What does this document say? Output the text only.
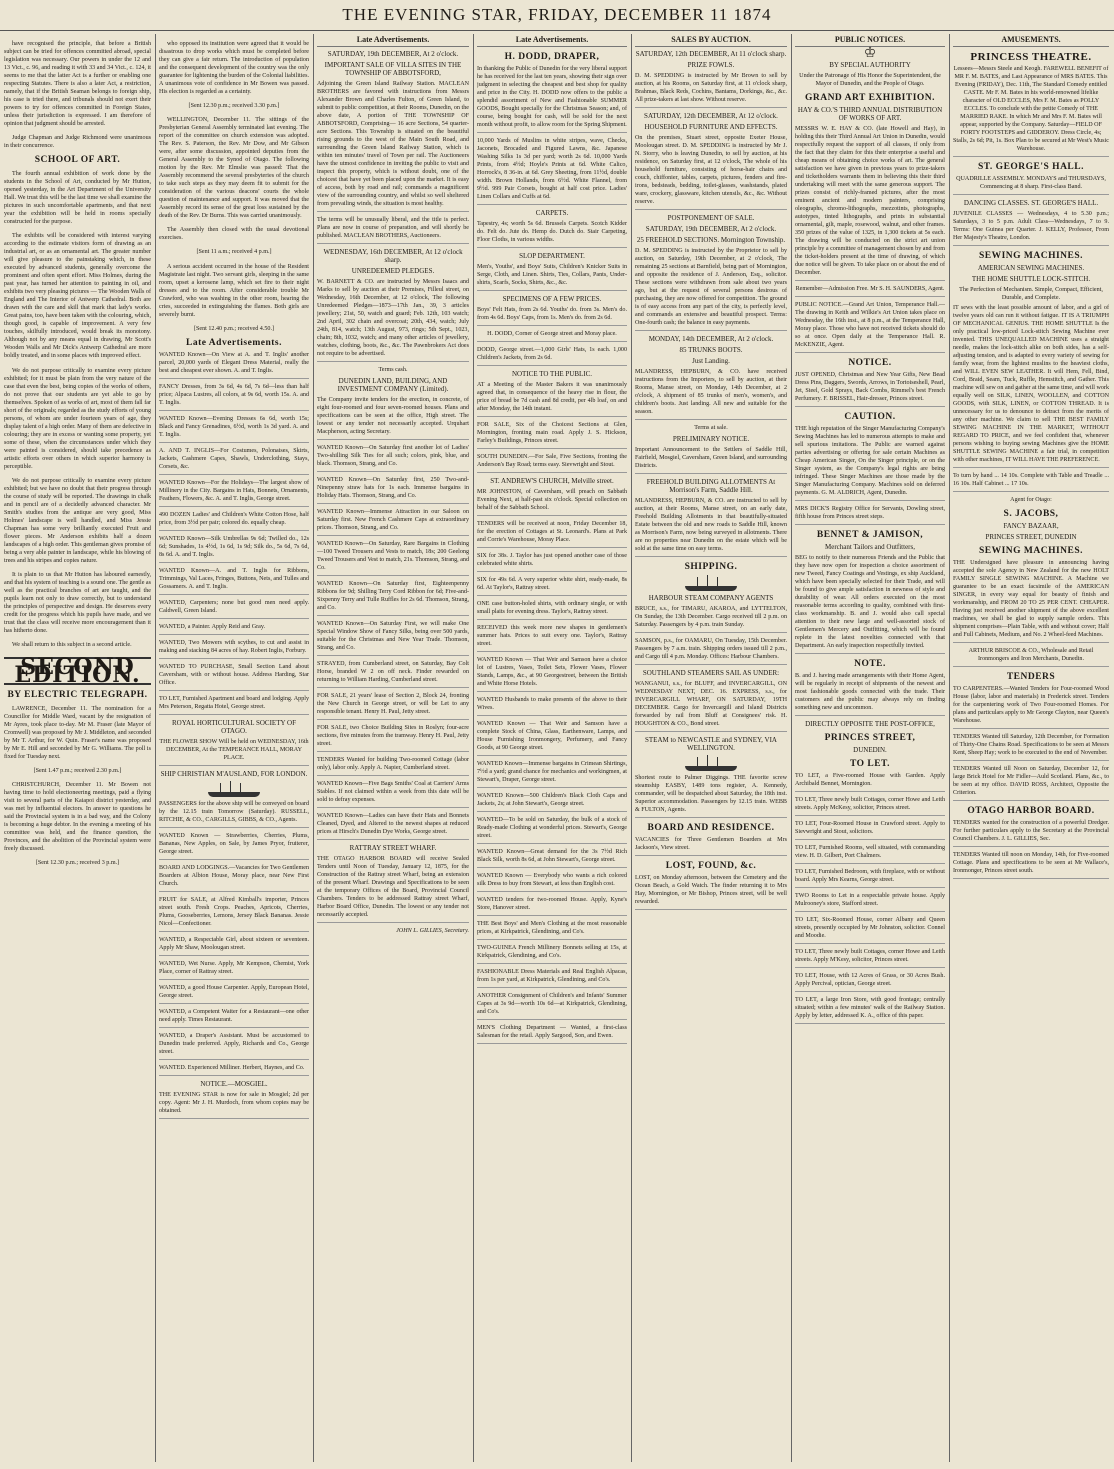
THE EVENING STAR, FRIDAY, DECEMBER 11 1874

have recognised the principle, that before a British subject can be tried for offences committed abroad, special legislation was necessary. Our powers in under the 12 and 13 Vict., c. 96, and reading it with 33 and 34 Vict., c. 124, it seems to me that the latter Act is a further or enabling one respecting Statutes. There is also a later Act, a restriction, namely, that if the British Seaman belongs to foreign ship, his case is tried there, and tribunals should not exert their powers to try for offences committed in Foreign States, unless their jurisdiction is expressed. I am therefore of opinion that judgment should be arrested.

Judge Chapman and Judge Richmond were unanimous in their concurrence.

SCHOOL OF ART.

The fourth annual exhibition of work done by the students in the School of Art, conducted by Mr Hutton, opened yesterday, in the Art Department of the University Hall. We trust this will be the last time we shall examine the pictures in such uncomfortable apartments, and that next year the exhibition will be held in rooms specially constructed for the purpose.

The exhibits will be considered with interest varying according to the estimate visitors form of drawing as an industrial art, or as an ornamental art. The greater number will give pleasure to the painstaking which, in these executed by advanced students, generally overcome the prominent and often spent effort. Miss Holmes, during the past year, has turned her attention to painting in oil, and exhibits two very pleasing pictures — The Wooden Walls of England and The Interior of Antwerp Cathedral. Both are drawn with the care and skill that mark that lady's works. Great pains, too, have been taken with the colouring, which, though good, is capable of improvement. A very few touches, skilfully introduced, would break its monotony. Although not by any means equal in drawing, Mr Scott's Wooden Walls and Mr Dick's Antwerp Cathedral are more boldly treated, and in some places with improved effect.

We do not purpose critically to examine every picture exhibited; for it must be plain from the very nature of the case that even the best, being copies of the works of others, do not prove that our students are yet able to go by themselves. Spoken of as works of art, most of them fall far short of the originals; regarded as the study efforts of young persons, of whom are under fourteen years of age, they display talent of a high order. Many of them are defective in colouring; they are in excess or wanting some property, yet some of these, when the circumstances under which they were painted is considered, should take precedence as artistic efforts over others in which superior harmony is perceptible.

We do not purpose critically to examine every picture exhibited; but we have no doubt that their progress through the course of study will be reported. The drawings in chalk and in pencil are of a decidedly advanced character. Mr Smith's studies from the antique are very good, Miss Holmes' landscape is well handled, and Miss Jessie Chapman has some very brilliantly executed Fruit and flower pieces. Mr Anderson exhibits half a dozen landscapes of a high order. This gentleman gives promise of being a very able painter in landscape, while his blowing of trees and his stripes and copies nature.

It is plain to us that Mr Hutton has laboured earnestly, and that his system of teaching is a sound one. The gentle as well as the practical branches of art are taught, and the pupils learn not only to draw correctly, but to understand the principles of perspective and design. He deserves every credit for the progress which his pupils have made, and we trust that the class will receive more encouragement than it has hitherto done.

We shall return to this subject in a second article.

SECOND EDITION.
BY ELECTRIC TELEGRAPH.

LAWRENCE, December 11. The nomination for a Councillor for Middle Ward, vacant by the resignation of Mr Ayres, took place to-day. Mr M. Fraser (late Mayor of Cromwell) was proposed by Mr J. Middleton, and seconded by Mr T. Arthur, for W. Quin. Fraser's name was proposed by Mr E. Hill and seconded by Mr G. Williams. The poll is fixed for Tuesday next.

[Sent 1.47 p.m.; received 2.30 p.m.]

CHRISTCHURCH, December 11. Mr Bowen not having time to hold electioneering meetings, paid a flying visit to several parts of the Kaiapoi district yesterday, and was met by influential electors. In answer to questions he said the Provincial system is in a bad way, and the Colony is becoming a huge debtor. In the evening a meeting of his committee was held, and the finance question, the Provinces, and the abolition of the Provincial system were freely discussed.

[Sent 12.30 p.m.; received 3 p.m.]

who opposed its institution were agreed that it would be disastrous to drop works which must be completed before they can give a fair return. The introduction of population and the consequent development of the country was the only guarantee for lightening the burden of the Colonial liabilities. A unanimous vote of confidence in Mr Bowen was passed. His election is regarded as a certainty.

[Sent 12.30 p.m.; received 3.30 p.m.]

WELLINGTON, December 11. The sittings of the Presbyterian General Assembly terminated last evening. The report of the committee on church extension was adopted. The Rev. S. Paterson, the Rev. Mr Dow, and Mr Gibson were, after some discussion, appointed deputies from the General Assembly to the Synod of Otago. The following motion by the Rev. Mr Elmslie was passed: That the Assembly recommend the several presbyteries of the church to take such steps as they may deem fit to submit for the consideration of the various deacons' courts the whole question of maintenance and support. It was moved that the Assembly record its sense of the great loss sustained by the death of the Rev. Dr Burns. This was carried unanimously.

The Assembly then closed with the usual devotional exercises.

[Sent 11 a.m.; received 4 p.m.]

A serious accident occurred in the house of the Resident Magistrate last night. Two servant girls, sleeping in the same room, upset a kerosene lamp, which set fire to their night dresses and to the room. After considerable trouble Mr Crawford, who was washing in the other room, hearing the cries, succeeded in extinguishing the flames. Both girls are severely burnt.

[Sent 12.40 p.m.; received 4.50.]

Late Advertisements.
WANTED Known—On View at A. and T. Inglis' another parcel, 20,000 yards of Elegant Dress Material, really the best and cheapest ever shown. A. and T. Inglis.
FANCY Dresses, from 3s 6d, 4s 6d, 7s 6d—less than half price; Alpaca Lustres, all colors, at 9s 6d, worth 15s. A. and T. Inglis.
WANTED Known—Evening Dresses 6s 6d, worth 15s; Black and Fancy Grenadines, 6½d, worth 1s 3d yard. A. and T. Inglis.
A. AND T. INGLIS—For Costumes, Polonaises, Skirts, Jackets, Cashmere Capes, Shawls, Underclothing, Stays, Corsets, &c.
WANTED Known—For the Holidays—The largest show of Millinery in the City. Bargains in Hats, Bonnets, Ornaments, Feathers, Flowers, &c. A. and T. Inglis, George street.
490 DOZEN Ladies' and Children's White Cotton Hose, half price, from 3½d per pair; colored do. equally cheap.
WANTED Known—Silk Umbrellas 9s 6d; Twilled do., 12s 6d; Sunshades, 1s 4½d, 1s 6d, 1s 9d; Silk do., 5s 6d, 7s 6d, 8s 6d. A. and T. Inglis.
WANTED Known—A. and T. Inglis for Ribbons, Trimmings, Val Laces, Fringes, Buttons, Nets, and Tulles and Gossamers. A. and T. Inglis.
WANTED, Carpenters; none but good men need apply. Caldwell, Green Island.
WANTED, a Painter. Apply Reid and Gray.
WANTED, Two Mowers with scythes, to cut and assist in making and stacking 84 acres of hay. Robert Inglis, Forbury.
WANTED TO PURCHASE, Small Section Land about Caversham, with or without house. Address Harding, Star Office.
TO LET, Furnished Apartment and board and lodging. Apply Mrs Peterson, Regatta Hotel, George street.
ROYAL HORTICULTURAL SOCIETY OF OTAGO.
THE FLOWER SHOW Will be held on WEDNESDAY, 16th DECEMBER, At the TEMPERANCE HALL, MORAY PLACE.
SHIP CHRISTIAN M'AUSLAND, FOR LONDON.
PASSENGERS for the above ship will be conveyed on board by the 12.15 train Tomorrow (Saturday). RUSSELL, RITCHIE, & CO., CARGILLS, GIBBS, & CO., Agents.
WANTED Known — Strawberries, Cherries, Plums, Bananas, New Apples, on Sale, by James Pryor, fruiterer, George street.
BOARD AND LODGINGS.—Vacancies for Two Gentlemen Boarders at Albion House, Moray place, near New First Church.
FRUIT for SALE, at Alfred Kimball's importer, Princes street south. Fresh Crops. Peaches, Apricots, Cherries, Plums, Gooseberries, Lemons, Jersey Black Bananas. Jessie Nicol—Confectioner.
WANTED, a Respectable Girl, about sixteen or seventeen. Apply Mr Shaw, Moolougan street.
WANTED, Wet Nurse. Apply, Mr Kempson, Chemist, York Place, corner of Rattray street.
WANTED, a good House Carpenter. Apply, European Hotel, George street.
WANTED, a Competent Waiter for a Restaurant—one other need apply. Times Restaurant.
WANTED, a Draper's Assistant. Must be accustomed to Dunedin trade preferred. Apply, Richards and Co., George street.
WANTED. Experienced Milliner. Herbert, Haynes, and Co.
NOTICE.—MOSGIEL.
THE EVENING STAR is now for sale in Mosgiel; 2d per copy. Agent: Mr J. H. Murdoch, from whom copies may be obtained.
Late Advertisements.
SATURDAY, 19th DECEMBER, At 2 o'clock.
IMPORTANT SALE OF VILLA SITES IN THE TOWNSHIP OF ABBOTSFORD,
Adjoining the Green Island Railway Station. MACLEAN BROTHERS are favored with instructions from Messrs Alexander Brown and Charles Fulton, of Green Island, to submit to public competition, at their Rooms, Dunedin, on the above date, A portion of THE TOWNSHIP OF ABBOTSFORD, Comprising— 16 acre Sections, 54 quarter-acre Sections. This Township is situated on the beautiful rising grounds to the west of the Main South Road, and surrounding the Green Island Railway Station, which is within ten minutes' travel of Town per rail. The Auctioneers have the utmost confidence in inviting the public to visit and inspect this property, which is without doubt, one of the choicest that have yet been placed upon the market. It is easy of access, both by road and rail; commands a magnificent view of the surrounding country, and whilst so well sheltered from prevailing winds, the situation is most healthy.
The terms will be unusually liberal, and the title is perfect. Plans are now in course of preparation, and will shortly be published. MACLEAN BROTHERS, Auctioneers.
WEDNESDAY, 16th DECEMBER, At 12 o'clock sharp.
UNREDEEMED PLEDGES.
W. BARNETT & CO. are instructed by Messrs Isaacs and Marks to sell by auction at their Premises, Filleul street, on Wednesday, 16th December, at 12 o'clock, The following Unredeemed Pledges—1873—17th Jan., 39, 3 articles jewellery; 21st, 50, watch and guard; Feb. 12th, 103 watch; 2nd April, 302 chain and overcoat; 20th, 434, watch; July 24th, 814, watch; 13th August, 973, rings; 5th Sept., 1023, chain; 8th, 1032, watch; and many other articles of jewellery, watches, clothing, boots, &c., &c. The Pawnbrokers Act does not require to be advertised.
Terms cash.
DUNEDIN LAND, BUILDING, AND INVESTMENT COMPANY (Limited).
The Company invite tenders for the erection, in concrete, of eight four-roomed and four seven-roomed houses. Plans and specifications can be seen at the office, High street. The lowest or any tender not necessarily accepted. Urquhart Macpherson, acting Secretary.
WANTED Known—On Saturday first another lot of Ladies' Two-shilling Silk Ties for all such; colors, pink, blue, and black. Thomson, Strang, and Co.
WANTED Known—On Saturday first, 250 Two-and-Ninepenny straw hats for 1s each. Immense bargains in Holiday Hats. Thomson, Strang, and Co.
WANTED Known—Immense Attraction in our Saloon on Saturday first. New French Cashmere Caps at extraordinary prices. Thomson, Strang, and Co.
WANTED Known—On Saturday, Rare Bargains in Clothing—100 Tweed Trousers and Vests to match, 18s; 200 Geelong Tweed Trousers and Vest to match, 21s. Thomson, Strang, and Co.
WANTED Known—On Saturday first, Eighteenpenny Ribbons for 9d; Shilling Terry Cord Ribbon for 6d; Five-and-Sixpenny Terry and Tulle Ruffles for 2s 6d. Thomson, Strang, and Co.
WANTED Known—On Saturday First, we will make One Special Window Show of Fancy Silks, being over 500 yards, suitable for the Christmas and New Year Trade. Thomson, Strang, and Co.
STRAYED, from Cumberland street, on Saturday, Bay Colt Horse, branded W 2 on off neck. Finder rewarded on returning to William Harding, Cumberland street.
FOR SALE, 21 years' lease of Section 2, Block 24, fronting the New Church in George street, or will be Let to any responsible tenant. Henry H. Paul, Jetty street.
FOR SALE, two Choice Building Sites in Roslyn; four-acre sections, five minutes from the tramway. Henry H. Paul, Jetty street.
TENDERS Wanted for building Two-roomed Cottage (labor only), labor only. Apply A. Napier, Cumberland street.
WANTED Known—Five Bags Smiths' Coal at Carriers' Arms Stables. If not claimed within a week from this date will be sold to defray expenses.
WANTED Known—Ladies can have their Hats and Bonnets Cleaned, Dyed, and Altered to the newest shapes at reduced prices at Hirsch's Dunedin Dye Works, George street.
RATTRAY STREET WHARF.
THE OTAGO HARBOR BOARD will receive Sealed Tenders until Noon of Tuesday, January 12, 1875, for the Construction of the Rattray street Wharf, being an extension of the present Wharf. Drawings and Specifications to be seen at the temporary Offices of the Board, Provincial Council Chambers. Tenders to be addressed Rattray street Wharf, Harbor Board Office, Dunedin. The lowest or any tender not necessarily accepted.
JOHN L. GILLIES, Secretary.
Late Advertisements.
H. DODD, DRAPER,
In thanking the Public of Dunedin for the very liberal support he has received for the last ten years, showing their sign over judgment in selecting the cheapest and best shop for quality and price in the City. H. DODD now offers to the public a splendid assortment of New and Fashionable SUMMER GOODS, Bought specially for the Christmas Season; and, of course, being bought for cash, will be sold for the next month without profit, to allow room for the Spring Shipment.
10,000 Yards of Muslins in white stripes, wave, Checks, Jaconets, Brocaded and Figured Lawns, &c. Japanese Washing Silks 1s 3d per yard; worth 2s 6d. 10,000 Yards Prints, from 4½d; Hoyle's Prints at 6d. White Calico, Horrock's, 8 36-in. at 6d. Grey Sheeting, from 11½d, double width. Brown Hollands, from 6½d. White Flannel, from 9½d. 999 Pair Corsets, bought at half cost price. Ladies' Linen Collars and Cuffs at 6d.
CARPETS.
Tapestry, 4s; worth 5s 6d. Brussels Carpets. Scotch Kidder do. Felt do. Jute do. Hemp do. Dutch do. Stair Carpeting, Floor Cloths, in various widths.
SLOP DEPARTMENT.
Men's, Youths', and Boys' Suits, Children's Knicker Suits in Serge, Cloth, and Linen. Shirts, Ties, Collars, Pants, Under-shirts, Scarfs, Socks, Shirts, &c., &c.
SPECIMENS OF A FEW PRICES.
Boys' Felt Hats, from 2s 6d. Youths' do. from 3s. Men's do. from 4s 6d. Boys' Caps, from 1s. Men's do. from 2s 6d.
H. DODD, Corner of George street and Moray place.
DODD, George street.—1,000 Girls' Hats, 1s each. 1,000 Children's Jackets, from 2s 6d.
NOTICE TO THE PUBLIC.
AT a Meeting of the Master Bakers it was unanimously agreed that, in consequence of the heavy rise in flour, the price of bread be 7d cash and 8d credit, per 4lb loaf, on and after Monday, the 14th instant.
FOR SALE, Six of the Choicest Sections at Glen, Mornington, fronting main road. Apply J. S. Hickson, Farley's Buildings, Princes street.
SOUTH DUNEDIN.—For Sale, Five Sections, fronting the Anderson's Bay Road; terms easy. Sievwright and Stout.
ST. ANDREW'S CHURCH, Melville street.
MR JOHNSTON, of Caversham, will preach on Sabbath Evening Next, at half-past six o'clock. Special collection on behalf of the Sabbath School.
TENDERS will be received at noon, Friday December 18, for the erection of Cottages at St. Leonard's. Plans at Park and Corrie's Warehouse, Moray Place.
SIX for 38s. J. Taylor has just opened another case of those celebrated white shirts.
SIX for 49s 6d. A very superior white shirt, ready-made, 8s 6d. At Taylor's, Rattray street.
ONE case button-holed shirts, with ordinary single, or with small plaits for evening dress. Taylor's, Rattray street.
RECEIVED this week more new shapes in gentlemen's summer hats. Prices to suit every one. Taylor's, Rattray street.
WANTED Known — That Weir and Samson have a choice lot of Lustres, Vases, Toilet Sets, Flower Vases, Flower Stands, Lamps, &c., at 90 Georgestreet, between the British and White Horse Hotels.
WANTED Husbands to make presents of the above to their Wives.
WANTED Known — That Weir and Samson have a complete Stock of China, Glass, Earthenware, Lamps, and House Furnishing Ironmongery, Perfumery, and Fancy Goods, at 90 George street.
WANTED Known—Immense bargains in Crimean Shirtings, 7½d a yard; grand chance for mechanics and workingmen, at Stewart's, Draper, George street.
WANTED Known—500 Children's Black Cloth Caps and Jackets, 2s; at John Stewart's, George street.
WANTED—To be sold on Saturday, the bulk of a stock of Ready-made Clothing at wonderful prices. Stewart's, George street.
WANTED Known—Great demand for the 3s 7½d Rich Black Silk, worth 8s 6d, at John Stewart's, George street.
WANTED Known — Everybody who wants a rich colored silk Dress to buy from Stewart, at less than English cost.
WANTED tenders for two-roomed House. Apply, Kyne's Store, Hanover street.
THE Best Boys' and Men's Clothing at the most reasonable prices, at Kirkpatrick, Glendining, and Co's.
TWO-GUINEA French Millinery Bonnets selling at 15s, at Kirkpatrick, Glendining, and Co's.
FASHIONABLE Dress Materials and Real English Alpacas, from 1s per yard, at Kirkpatrick, Glendining, and Co's.
ANOTHER Consignment of Children's and Infants' Summer Capes at 3s 9d—worth 10s 6d—at Kirkpatrick, Glendining, and Co's.
MEN'S Clothing Department — Wanted, a first-class Salesman for the retail. Apply Sargood, Son, and Ewen.
SALES BY AUCTION.
SATURDAY, 12th DECEMBER, At 11 o'clock sharp.
PRIZE FOWLS.
D. M. SPEDDING is instructed by Mr Brown to sell by auction, at his Rooms, on Saturday first, at 11 o'clock sharp, Brahmas, Black Reds, Cochins, Bantams, Dorkings, &c., &c. All prize-takers at last show. Without reserve.
SATURDAY, 12th DECEMBER, At 12 o'clock.
HOUSEHOLD FURNITURE AND EFFECTS.
On the premises, Stuart street, opposite Exeter House, Moolougan street. D. M. SPEDDING is instructed by Mr J. N. Storry, who is leaving Dunedin, to sell by auction, at his residence, on Saturday first, at 12 o'clock, The whole of his household furniture, consisting of horse-hair chairs and couch, chiffonier, tables, carpets, pictures, fenders and fire-irons, bedsteads, bedding, toilet-glasses, washstands, plated ware, crockery, glassware, kitchen utensils, &c., &c. Without reserve.
POSTPONEMENT OF SALE.
SATURDAY, 19th DECEMBER, At 2 o'clock.
25 FREEHOLD SECTIONS. Mornington Township.
D. M. SPEDDING is instructed by the Proprietor to sell by auction, on Saturday, 19th December, at 2 o'clock, The remaining 25 sections at Barnfield, being part of Mornington, and opposite the residence of J. Anderson, Esq., solicitor. These sections were withdrawn from sale about two years ago, but at the request of several persons desirous of purchasing, they are now offered for competition. The ground is of easy access from any part of the city, is perfectly level, and commands an extensive and beautiful prospect. Terms: One-fourth cash; the balance in easy payments.
MONDAY, 14th DECEMBER, At 2 o'clock.
85 TRUNKS BOOTS.
Just Landing.
MLANDRESS, HEPBURN, & CO. have received instructions from the Importers, to sell by auction, at their Rooms, Manse street, on Monday, 14th December, at 2 o'clock, A shipment of 85 trunks of men's, women's, and children's boots. Just landing. All new and suitable for the season.
Terms at sale.
PRELIMINARY NOTICE.
Important Announcement to the Settlers of Saddle Hill, Fairfield, Mosgiel, Caversham, Green Island, and surrounding Districts.
FREEHOLD BUILDING ALLOTMENTS At Morrison's Farm, Saddle Hill.
MLANDRESS, HEPBURN, & CO. are instructed to sell by auction, at their Rooms, Manse street, on an early date, Freehold Building Allotments in that beautifully-situated Estate between the old and new roads to Saddle Hill, known as Morrison's Farm, now being surveyed in allotments. There are no properties near Dunedin on the estate which will be sold at the same time on easy terms.
SHIPPING.
HARBOUR STEAM COMPANY AGENTS
BRUCE, s.s., for TIMARU, AKAROA, and LYTTELTON, On Sunday, the 13th December. Cargo received till 2 p.m. on Saturday. Passengers by 4 p.m. train Sunday.
SAMSON, p.s., for OAMARU, On Tuesday, 15th December. Passengers by 7 a.m. train. Shipping orders issued till 2 p.m., and Cargo till 4 p.m. Monday. Offices: Harbour Chambers.
SOUTHLAND STEAMERS SAIL AS UNDER:
WANGANUI, s.s., for BLUFF, and INVERCARGILL, ON WEDNESDAY NEXT, DEC. 16. EXPRESS, s.s., for INVERCARGILL WHARF, ON SATURDAY, 19TH DECEMBER. Cargo for Invercargill and Island Districts forwarded by rail from Bluff at Consignees' risk. H. HOUGHTON & CO., Bond street.
STEAM to NEWCASTLE and SYDNEY, VIA WELLINGTON.
Shortest route to Palmer Diggings. THE favorite screw steamship EASBY, 1489 tons register, A. Kennedy, commander, will be despatched about Saturday, the 18th inst. Superior accommodation. Passengers by 12.15 train. WEBB & FULTON, Agents.
BOARD AND RESIDENCE.
VACANCIES for Three Gentlemen Boarders at Mrs Jackson's, View street.
LOST, FOUND, &c.
LOST, on Monday afternoon, between the Cemetery and the Ocean Beach, a Gold Watch. The finder returning it to Mrs Hay, Mornington, or Mr Bishop, Princes street, will be well rewarded.
PUBLIC NOTICES.
♔
BY SPECIAL AUTHORITY
Under the Patronage of His Honor the Superintendent, the Mayor of Dunedin, and the People of Otago.
GRAND ART EXHIBITION.
HAY & CO.'S THIRD ANNUAL DISTRIBUTION OF WORKS OF ART.
MESSRS W. E. HAY & CO. (late Howell and Hay), in holding this their Third Annual Art Union in Dunedin, would respectfully request the support of all classes, if only from the fact that they claim for this their enterprise a useful and cheap means of obtaining choice works of art. The general satisfaction we have given in previous years to prize-takers and ticketholders warrants them in believing this their third undertaking will meet with the same generous support. The prizes consist of richly-framed pictures, after the most eminent ancient and modern painters, comprising oleographs, chromo-lithographs, mezzotints, photographs, autotypes, tinted lithographs, and prints in substantial ornamental, gilt, maple, rosewood, walnut, and other frames. 350 prizes of the value of 1325, in 1,300 tickets at 5s each. The drawing will be conducted on the strict art union principle by a committee of management chosen by and from the ticket-holders present at the time of drawing, of which due notice will be given. To take place on or about the end of December.
Remember—Admission Free. Mr S. H. SAUNDERS, Agent.
PUBLIC NOTICE.—Grand Art Union, Temperance Hall.—The drawing in Keith and Wilkie's Art Union takes place on Wednesday, the 16th inst., at 8 p.m., at the Temperance Hall, Moray place. Those who have not received tickets should do so at once. Open daily at the Temperance Hall. R. McKENZIE, Agent.
NOTICE.
JUST OPENED, Christmas and New Year Gifts, New Bead Dress Pins, Daggers, Swords, Arrows, in Tortoiseshell, Pearl, Jet, Steel, Gold Sprays, Back Combs, Rimmel's best French Perfumery. F. BRISSEL, Hair-dresser, Princes street.
CAUTION.
THE high reputation of the Singer Manufacturing Company's Sewing Machines has led to numerous attempts to make and sell spurious imitations. The Public are warned against parties advertising or offering for sale certain Machines as Cheap American Singer, On the Singer principle, or on the Singer system, as the Company's legal rights are being infringed. These Singer Machines are those made by the Singer Manufacturing Company. Machines sold on deferred payments. G. M. ALDRICH, Agent, Dunedin.
MRS DICK'S Registry Office for Servants, Dowling street, fifth house from Princes street steps.
BENNET & JAMISON,
Merchant Tailors and Outfitters,
BEG to notify to their numerous Friends and the Public that they have now open for inspection a choice assortment of new Tweed, Fancy Coatings and Vestings, ex ship Auckland, which have been specially selected for their Trade, and will be found to give ample satisfaction in newness of style and durability of wear. All orders executed on the most reasonable terms according to quality, combined with first-class workmanship. B. and J. would also call special attention to their new large and well-assorted stock of Gentlemen's Mercery and Outfitting, which will be found replete in the latest novelties connected with that Department. An early inspection respectfully invited.
NOTE.
B. and J. having made arrangements with their Home Agent, will be regularly in receipt of shipments of the newest and most fashionable goods connected with the trade. Their customers and the public may always rely on finding something new and uncommon.
DIRECTLY OPPOSITE THE POST-OFFICE,
PRINCES STREET,
DUNEDIN.
TO LET.
TO LET, a Five-roomed House with Garden. Apply Archibald Bennet, Mornington.
TO LET, Three newly built Cottages, corner Howe and Leith streets. Apply McKesy, solicitor, Princes street.
TO LET, Four-Roomed House in Crawford street. Apply to Sievwright and Stout, solicitors.
TO LET, Furnished Rooms, well situated, with commanding view. H. D. Gilbert, Port Chalmers.
TO LET, Furnished Bedroom, with fireplace, with or without board. Apply Mrs Kearns, George street.
TWO Rooms to Let in a respectable private house. Apply Mulrooney's store, Stafford street.
TO LET, Six-Roomed House, corner Albany and Queen streets, presently occupied by Mr Johnston, solicitor. Connel and Moodie.
TO LET, Three newly built Cottages, corner Howe and Leith streets. Apply M'Kesy, solicitor, Princes street.
TO LET, House, with 12 Acres of Grass, or 30 Acres Bush. Apply Percival, optician, George street.
TO LET, a large Iron Store, with good frontage; centrally situated; within a few minutes' walk of the Railway Station. Apply by letter, addressed K. A., office of this paper.
AMUSEMENTS.
PRINCESS THEATRE.
Lessees—Messrs Steele and Keogh. FAREWELL BENEFIT of MR F. M. BATES, and Last Appearance of MRS BATES. This Evening (FRIDAY), Dec. 11th, The Standard Comedy entitled CASTE. Mr F. M. Bates in his world-renowned lifelike character of OLD ECCLES, Mrs F. M. Bates as POLLY ECCLES. To conclude with the petite Comedy of THE MARRIED RAKE. In which Mr and Mrs F. M. Bates will appear, supported by the Company. Saturday—FIELD OF FORTY FOOTSTEPS and GIDDEROY. Dress Circle, 4s; Stalls, 2s 6d; Pit, 1s. Box Plan to be secured at Mr West's Music Warehouse.
ST. GEORGE'S HALL.
QUADRILLE ASSEMBLY. MONDAYS and THURSDAYS, Commencing at 8 sharp. First-class Band.
DANCING CLASSES. ST. GEORGE'S HALL.
JUVENILE CLASSES — Wednesdays, 4 to 5.30 p.m.; Saturdays, 3 to 5 p.m. Adult Class—Wednesdays, 7 to 9. Terms: One Guinea per Quarter. J. KELLY, Professor, From Her Majesty's Theatre, London.
SEWING MACHINES.
AMERICAN SEWING MACHINES.
THE HOME SHUTTLE LOCK-STITCH.
The Perfection of Mechanism. Simple, Compact, Efficient, Durable, and Complete.
IT sews with the least possible amount of labor, and a girl of twelve years old can run it without fatigue. IT IS A TRIUMPH OF MECHANICAL GENIUS. THE HOME SHUTTLE Is the only practical low-priced Lock-stitch Sewing Machine ever invented. THIS UNEQUALLED MACHINE uses a straight needle, makes the lock-stitch alike on both sides, has a self-adjusting tension, and is adapted to every variety of sewing for family wear, from the lightest muslins to the heaviest cloths, and WILL EVEN SEW LEATHER. It will Hem, Fell, Bind, Cord, Braid, Seam, Tuck, Ruffle, Hemstitch, and Gather. This machine will sew on and gather at the same time, and will work equally well on SILK, LINEN, WOOLLEN, and COTTON GOODS, with SILK, LINEN, or COTTON THREAD. It is unnecessary for us to denounce to detract from the merits of any other machine. We claim to sell THE BEST FAMILY SEWING MACHINE IN THE MARKET, WITHOUT REGARD TO PRICE, and we feel confident that, whenever persons wishing to buying sewing Machines give the HOME SHUTTLE SEWING MACHINE a fair trial, in competition with other machines, IT WILL HAVE THE PREFERENCE.
To turn by hand ... 14 10s. Complete with Table and Treadle ... 16 10s. Half Cabinet ... 17 10s.
Agent for Otago:
S. JACOBS,
FANCY BAZAAR,
PRINCES STREET, DUNEDIN
SEWING MACHINES.
THE Undersigned have pleasure in announcing having accepted the sole Agency in New Zealand for the new HOLT FAMILY SINGLE SEWING MACHINE. A Machine we guarantee to be an exact facsimile of the AMERICAN SINGER, in every way equal for beauty of finish and workmanship, and FROM 20 TO 25 PER CENT. CHEAPER. Having just received another shipment of the above excellent machines, we shall be glad to supply sample orders. This shipment comprises—Plain Table, with and without cover; Half and Full Cabinets, Medium, and No. 2 Wheel-feed Machines.
ARTHUR BRISCOE & CO., Wholesale and Retail Ironmongers and Iron Merchants, Dunedin.
TENDERS
TO CARPENTERS.—Wanted Tenders for Four-roomed Wood House (labor, labor and materials) in Frederick street. Tenders for the carpentering work of Two Four-roomed Homes. For plans and particulars apply to Mr George Clayton, near Queen's Warehouse.
TENDERS Wanted till Saturday, 12th December, for Formation of Thirty-One Chains Road. Specifications to be seen at Messrs Kent, Sheep Hay; work to be executed to the end of November.
TENDERS Wanted till Noon on Saturday, December 12, for large Brick Hotel for Mr Fidler—Auld Scotland. Plans, &c., to be seen at my office. DAVID ROSS, Architect, Opposite the Criterion.
OTAGO HARBOR BOARD.
TENDERS wanted for the construction of a powerful Dredger. For further particulars apply to the Secretary at the Provincial Council Chambers. J. L. GILLIES, Sec.
TENDERS Wanted till noon on Monday, 14th, for Five-roomed Cottage. Plans and specifications to be seen at Mr Wallace's, Ironmonger, Princes street south.
